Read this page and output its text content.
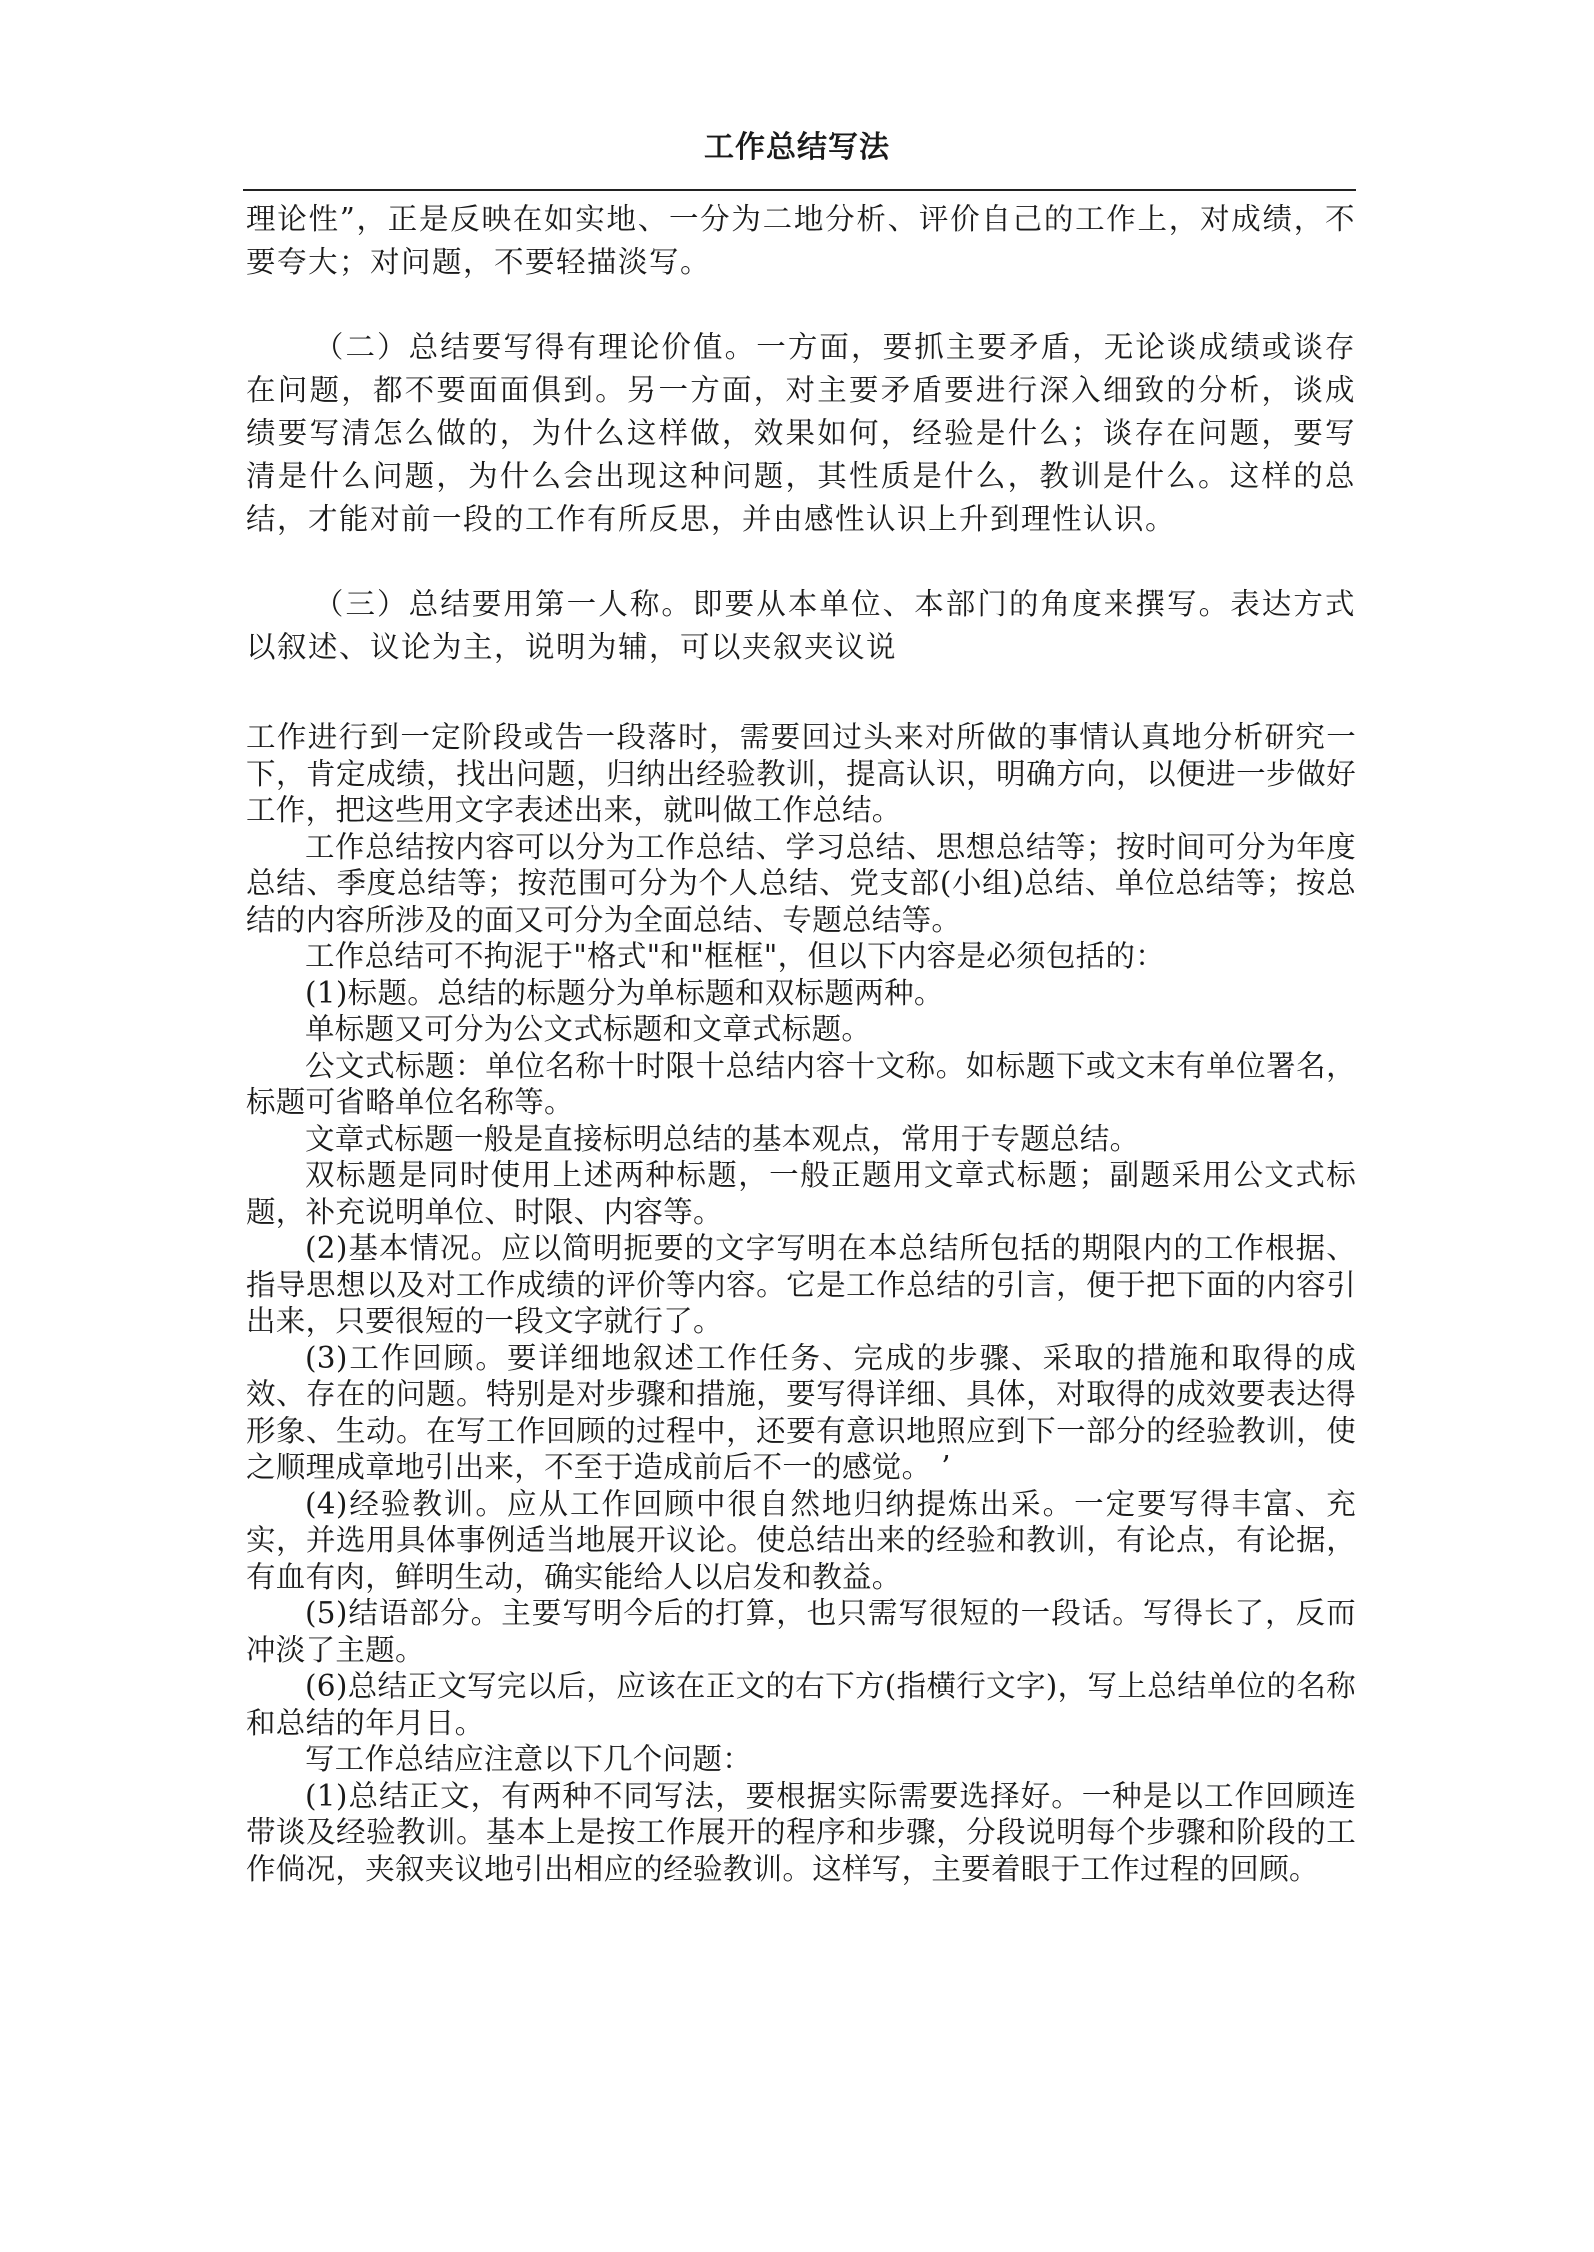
工作总结写法

理论性”，正是反映在如实地、一分为二地分析、评价自己的工作上，对成绩，不要夸大；对问题，不要轻描淡写。

（二）总结要写得有理论价值。一方面，要抓主要矛盾，无论谈成绩或谈存在问题，都不要面面俱到。另一方面，对主要矛盾要进行深入细致的分析，谈成绩要写清怎么做的，为什么这样做，效果如何，经验是什么；谈存在问题，要写清是什么问题，为什么会出现这种问题，其性质是什么，教训是什么。这样的总结，才能对前一段的工作有所反思，并由感性认识上升到理性认识。

（三）总结要用第一人称。即要从本单位、本部门的角度来撰写。表达方式以叙述、议论为主，说明为辅，可以夹叙夹议说

工作进行到一定阶段或告一段落时，需要回过头来对所做的事情认真地分析研究一下，肯定成绩，找出问题，归纳出经验教训，提高认识，明确方向，以便进一步做好工作，把这些用文字表述出来，就叫做工作总结。

工作总结按内容可以分为工作总结、学习总结、思想总结等；按时间可分为年度总结、季度总结等；按范围可分为个人总结、党支部(小组)总结、单位总结等；按总结的内容所涉及的面又可分为全面总结、专题总结等。

工作总结可不拘泥于"格式"和"框框"，但以下内容是必须包括的：

(1)标题。总结的标题分为单标题和双标题两种。

单标题又可分为公文式标题和文章式标题。

公文式标题：单位名称十时限十总结内容十文称。如标题下或文末有单位署名，标题可省略单位名称等。

文章式标题一般是直接标明总结的基本观点，常用于专题总结。

双标题是同时使用上述两种标题，一般正题用文章式标题；副题采用公文式标题，补充说明单位、时限、内容等。

(2)基本情况。应以简明扼要的文字写明在本总结所包括的期限内的工作根据、指导思想以及对工作成绩的评价等内容。它是工作总结的引言，便于把下面的内容引出来，只要很短的一段文字就行了。

(3)工作回顾。要详细地叙述工作任务、完成的步骤、采取的措施和取得的成效、存在的问题。特别是对步骤和措施，要写得详细、具体，对取得的成效要表达得形象、生动。在写工作回顾的过程中，还要有意识地照应到下一部分的经验教训，使之顺理成章地引出来，不至于造成前后不一的感觉。 ’

(4)经验教训。应从工作回顾中很自然地归纳提炼出采。一定要写得丰富、充实，并选用具体事例适当地展开议论。使总结出来的经验和教训，有论点，有论据，有血有肉，鲜明生动，确实能给人以启发和教益。

(5)结语部分。主要写明今后的打算，也只需写很短的一段话。写得长了，反而冲淡了主题。

(6)总结正文写完以后，应该在正文的右下方(指横行文字)，写上总结单位的名称和总结的年月日。

写工作总结应注意以下几个问题：

(1)总结正文，有两种不同写法，要根据实际需要选择好。一种是以工作回顾连带谈及经验教训。基本上是按工作展开的程序和步骤，分段说明每个步骤和阶段的工作倘况，夹叙夹议地引出相应的经验教训。这样写，主要着眼于工作过程的回顾。
